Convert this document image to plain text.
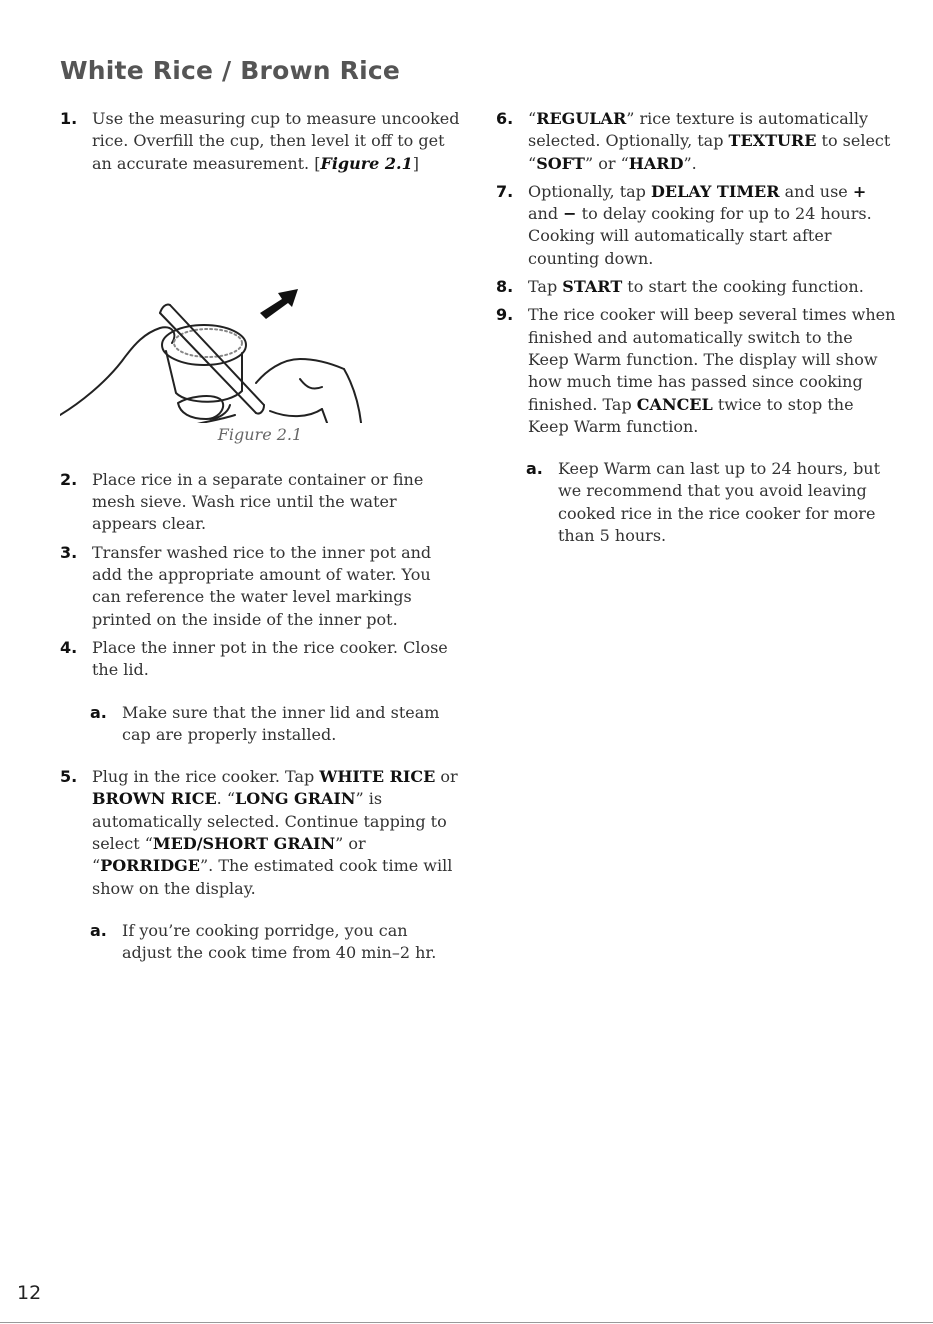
White Rice / Brown Rice
1. Use the measuring cup to measure uncooked rice. Overfill the cup, then level it off to get an accurate measurement. [Figure 2.1]
Figure 2.1
2. Place rice in a separate container or fine mesh sieve. Wash rice until the water appears clear.
3. Transfer washed rice to the inner pot and add the appropriate amount of water. You can reference the water level markings printed on the inside of the inner pot.
4. Place the inner pot in the rice cooker. Close the lid.
a. Make sure that the inner lid and steam cap are properly installed.
5. Plug in the rice cooker. Tap WHITE RICE or BROWN RICE. “LONG GRAIN” is automatically selected. Continue tapping to select “MED/SHORT GRAIN” or “PORRIDGE”. The estimated cook time will show on the display.
a. If you’re cooking porridge, you can adjust the cook time from 40 min–2 hr.
6. “REGULAR” rice texture is automatically selected. Optionally, tap TEXTURE to select “SOFT” or “HARD”.
7. Optionally, tap DELAY TIMER and use + and − to delay cooking for up to 24 hours. Cooking will automatically start after counting down.
8. Tap START to start the cooking function.
9. The rice cooker will beep several times when finished and automatically switch to the Keep Warm function. The display will show how much time has passed since cooking finished. Tap CANCEL twice to stop the Keep Warm function.
a. Keep Warm can last up to 24 hours, but we recommend that you avoid leaving cooked rice in the rice cooker for more than 5 hours.
12
